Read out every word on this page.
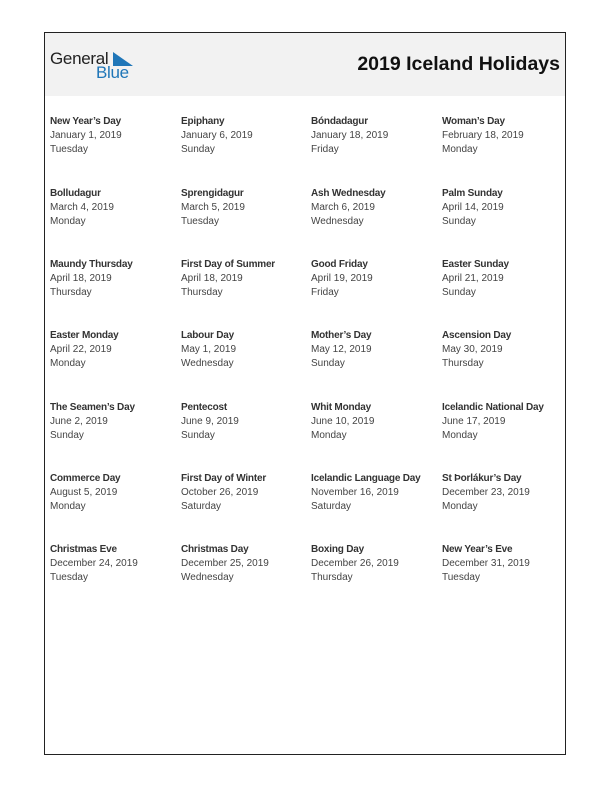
General
Blue	2019 Iceland Holidays
New Year’s Day
January 1, 2019
Tuesday
Epiphany
January 6, 2019
Sunday
Bóndadagur
January 18, 2019
Friday
Woman’s Day
February 18, 2019
Monday
Bolludagur
March 4, 2019
Monday
Sprengidagur
March 5, 2019
Tuesday
Ash Wednesday
March 6, 2019
Wednesday
Palm Sunday
April 14, 2019
Sunday
Maundy Thursday
April 18, 2019
Thursday
First Day of Summer
April 18, 2019
Thursday
Good Friday
April 19, 2019
Friday
Easter Sunday
April 21, 2019
Sunday
Easter Monday
April 22, 2019
Monday
Labour Day
May 1, 2019
Wednesday
Mother’s Day
May 12, 2019
Sunday
Ascension Day
May 30, 2019
Thursday
The Seamen’s Day
June 2, 2019
Sunday
Pentecost
June 9, 2019
Sunday
Whit Monday
June 10, 2019
Monday
Icelandic National Day
June 17, 2019
Monday
Commerce Day
August 5, 2019
Monday
First Day of Winter
October 26, 2019
Saturday
Icelandic Language Day
November 16, 2019
Saturday
St Þorlákur’s Day
December 23, 2019
Monday
Christmas Eve
December 24, 2019
Tuesday
Christmas Day
December 25, 2019
Wednesday
Boxing Day
December 26, 2019
Thursday
New Year’s Eve
December 31, 2019
Tuesday
